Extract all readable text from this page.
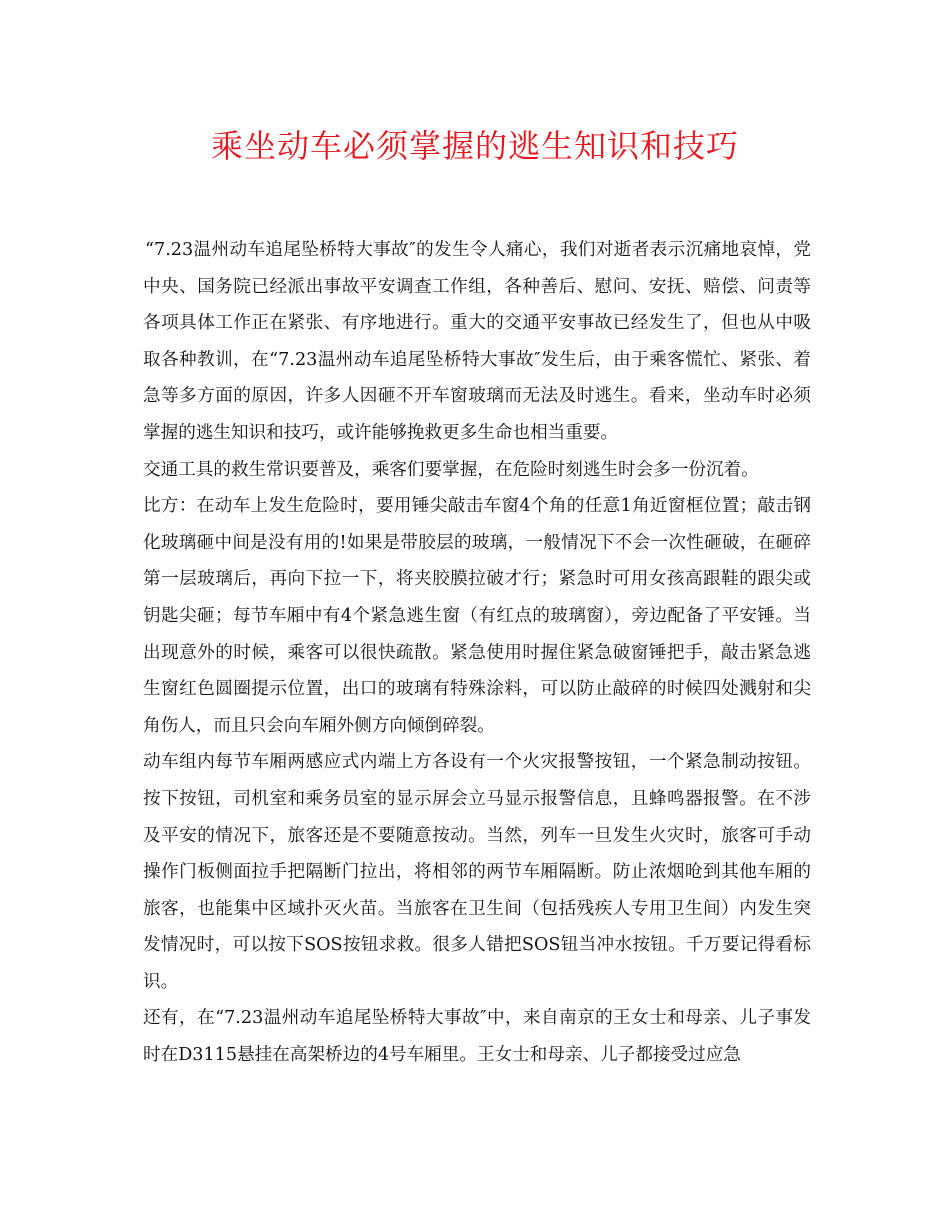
乘坐动车必须掌握的逃生知识和技巧

“7.23温州动车追尾坠桥特大事故″的发生令人痛心，我们对逝者表示沉痛地哀悼，党中央、国务院已经派出事故平安调查工作组，各种善后、慰问、安抚、赔偿、问责等各项具体工作正在紧张、有序地进行。重大的交通平安事故已经发生了，但也从中吸取各种教训，在“7.23温州动车追尾坠桥特大事故″发生后，由于乘客慌忙、紧张、着急等多方面的原因，许多人因砸不开车窗玻璃而无法及时逃生。看来，坐动车时必须掌握的逃生知识和技巧，或许能够挽救更多生命也相当重要。

交通工具的救生常识要普及，乘客们要掌握，在危险时刻逃生时会多一份沉着。

比方：在动车上发生危险时，要用锤尖敲击车窗4个角的任意1角近窗框位置；敲击钢化玻璃砸中间是没有用的!如果是带胶层的玻璃，一般情况下不会一次性砸破，在砸碎第一层玻璃后，再向下拉一下，将夹胶膜拉破才行；紧急时可用女孩高跟鞋的跟尖或钥匙尖砸；每节车厢中有4个紧急逃生窗（有红点的玻璃窗），旁边配备了平安锤。当出现意外的时候，乘客可以很快疏散。紧急使用时握住紧急破窗锤把手，敲击紧急逃生窗红色圆圈提示位置，出口的玻璃有特殊涂料，可以防止敲碎的时候四处溅射和尖角伤人，而且只会向车厢外侧方向倾倒碎裂。

动车组内每节车厢两感应式内端上方各设有一个火灾报警按钮，一个紧急制动按钮。按下按钮，司机室和乘务员室的显示屏会立马显示报警信息，且蜂鸣器报警。在不涉及平安的情况下，旅客还是不要随意按动。当然，列车一旦发生火灾时，旅客可手动操作门板侧面拉手把隔断门拉出，将相邻的两节车厢隔断。防止浓烟呛到其他车厢的旅客，也能集中区域扑灭火苗。当旅客在卫生间（包括残疾人专用卫生间）内发生突发情况时，可以按下SOS按钮求救。很多人错把SOS钮当冲水按钮。千万要记得看标识。

还有，在“7.23温州动车追尾坠桥特大事故″中，来自南京的王女士和母亲、儿子事发时在D3115悬挂在高架桥边的4号车厢里。王女士和母亲、儿子都接受过应急
